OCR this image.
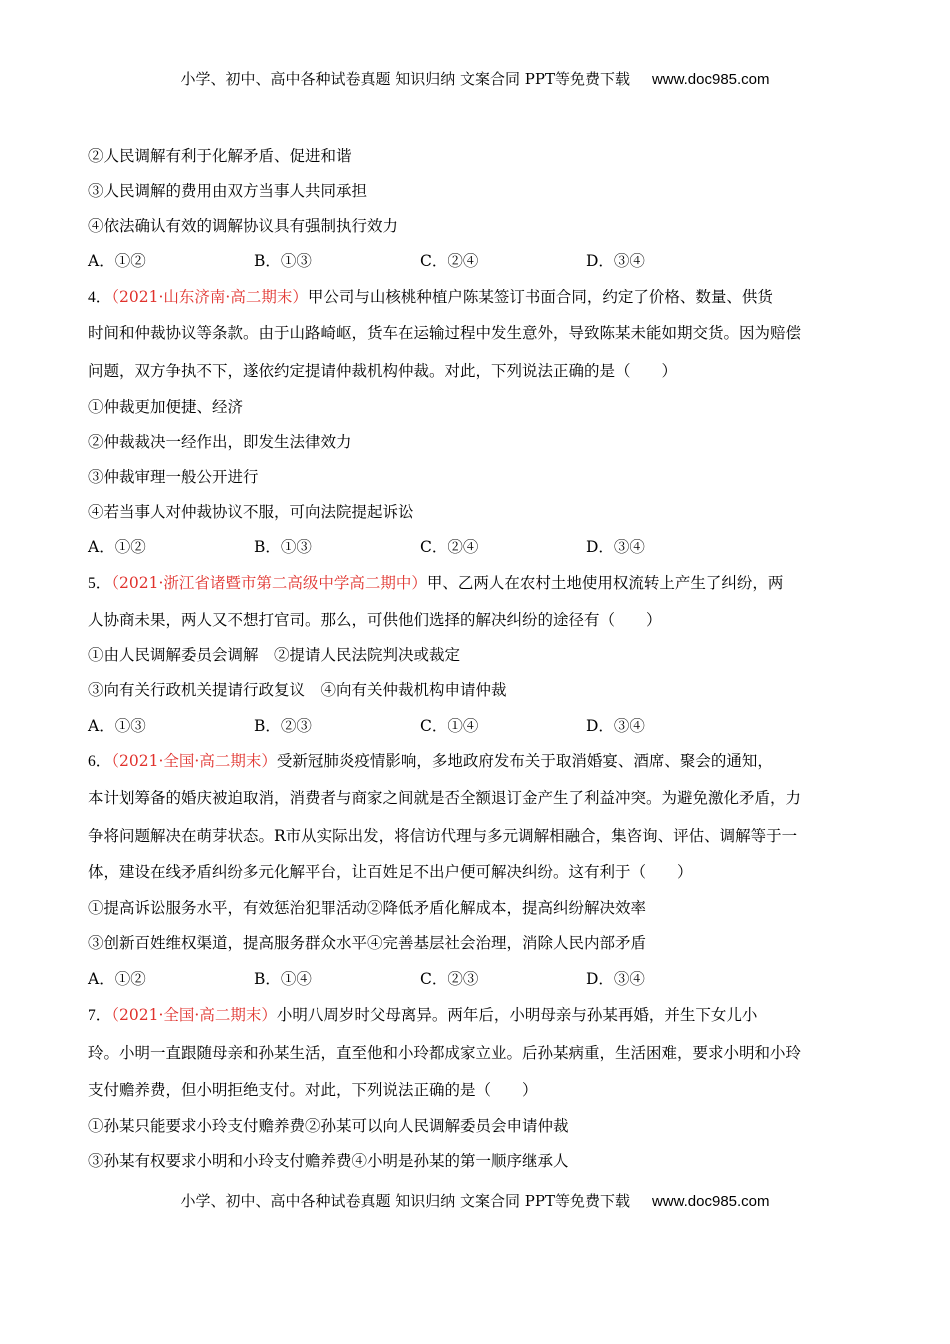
小学、初中、高中各种试卷真题 知识归纳 文案合同 PPT等免费下载 www.doc985.com
②人民调解有利于化解矛盾、促进和谐
③人民调解的费用由双方当事人共同承担
④依法确认有效的调解协议具有强制执行效力
A．①②	B．①③	C．②④	D．③④
4．（2021·山东济南·高二期末）甲公司与山核桃种植户陈某签订书面合同，约定了价格、数量、供货
时间和仲裁协议等条款。由于山路崎岖，货车在运输过程中发生意外，导致陈某未能如期交货。因为赔偿
问题，双方争执不下，遂依约定提请仲裁机构仲裁。对此，下列说法正确的是（　　）
①仲裁更加便捷、经济
②仲裁裁决一经作出，即发生法律效力
③仲裁审理一般公开进行
④若当事人对仲裁协议不服，可向法院提起诉讼
A．①②	B．①③	C．②④	D．③④
5．（2021·浙江省诸暨市第二高级中学高二期中）甲、乙两人在农村土地使用权流转上产生了纠纷，两
人协商未果，两人又不想打官司。那么，可供他们选择的解决纠纷的途径有（　　）
①由人民调解委员会调解　②提请人民法院判决或裁定
③向有关行政机关提请行政复议　④向有关仲裁机构申请仲裁
A．①③	B．②③	C．①④	D．③④
6．（2021·全国·高二期末）受新冠肺炎疫情影响，多地政府发布关于取消婚宴、酒席、聚会的通知，
本计划筹备的婚庆被迫取消，消费者与商家之间就是否全额退订金产生了利益冲突。为避免激化矛盾，力
争将问题解决在萌芽状态。R市从实际出发，将信访代理与多元调解相融合，集咨询、评估、调解等于一
体，建设在线矛盾纠纷多元化解平台，让百姓足不出户便可解决纠纷。这有利于（　　）
①提高诉讼服务水平，有效惩治犯罪活动②降低矛盾化解成本，提高纠纷解决效率
③创新百姓维权渠道，提高服务群众水平④完善基层社会治理，消除人民内部矛盾
A．①②	B．①④	C．②③	D．③④
7．（2021·全国·高二期末）小明八周岁时父母离异。两年后，小明母亲与孙某再婚，并生下女儿小
玲。小明一直跟随母亲和孙某生活，直至他和小玲都成家立业。后孙某病重，生活困难，要求小明和小玲
支付赡养费，但小明拒绝支付。对此，下列说法正确的是（　　）
①孙某只能要求小玲支付赡养费②孙某可以向人民调解委员会申请仲裁
③孙某有权要求小明和小玲支付赡养费④小明是孙某的第一顺序继承人
小学、初中、高中各种试卷真题 知识归纳 文案合同 PPT等免费下载 www.doc985.com
